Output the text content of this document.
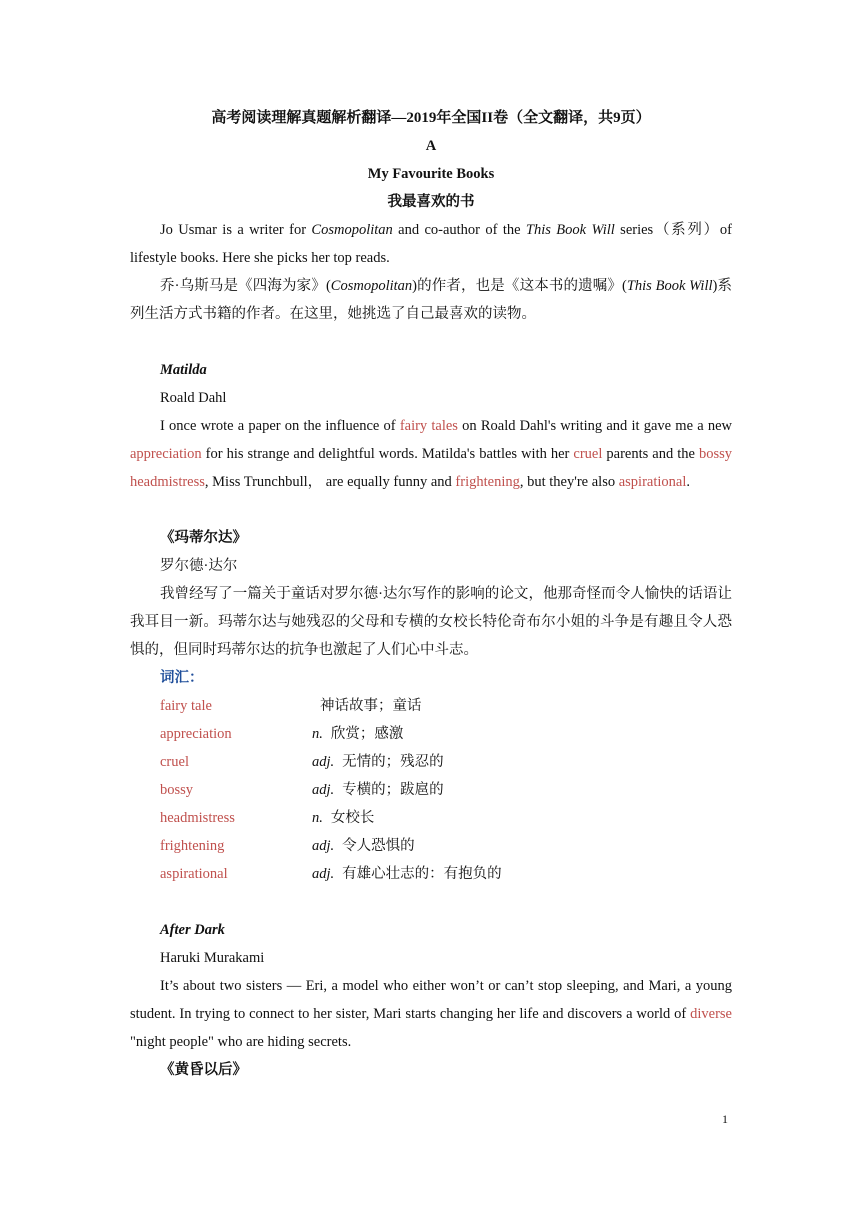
高考阅读理解真题解析翻译—2019年全国II卷（全文翻译，共9页）
A
My Favourite Books
我最喜欢的书

Jo Usmar is a writer for Cosmopolitan and co-author of the This Book Will series（系列）of lifestyle books. Here she picks her top reads.

乔·乌斯马是《四海为家》(Cosmopolitan)的作者，也是《这本书的遗嘱》(This Book Will)系列生活方式书籍的作者。在这里，她挑选了自己最喜欢的读物。

Matilda

Roald Dahl

I once wrote a paper on the influence of fairy tales on Roald Dahl's writing and it gave me a new appreciation for his strange and delightful words. Matilda's battles with her cruel parents and the bossy headmistress, Miss Trunchbull， are equally funny and frightening, but they're also aspirational.

《玛蒂尔达》

罗尔德·达尔

我曾经写了一篇关于童话对罗尔德·达尔写作的影响的论文，他那奇怪而令人愉快的话语让我耳目一新。玛蒂尔达与她残忍的父母和专横的女校长特伦奇布尔小姐的斗争是有趣且令人恐惧的，但同时玛蒂尔达的抗争也激起了人们心中斗志。

词汇：

fairy tale	神话故事；童话
appreciation	n. 欣赏；感激
cruel	adj. 无情的；残忍的
bossy	adj. 专横的；跋扈的
headmistress	n. 女校长
frightening	adj. 令人恐惧的
aspirational	adj. 有雄心壮志的：有抱负的

After Dark

Haruki Murakami

It’s about two sisters — Eri, a model who either won’t or can’t stop sleeping, and Mari, a young student. In trying to connect to her sister, Mari starts changing her life and discovers a world of diverse "night people" who are hiding secrets.

《黄昏以后》

1
